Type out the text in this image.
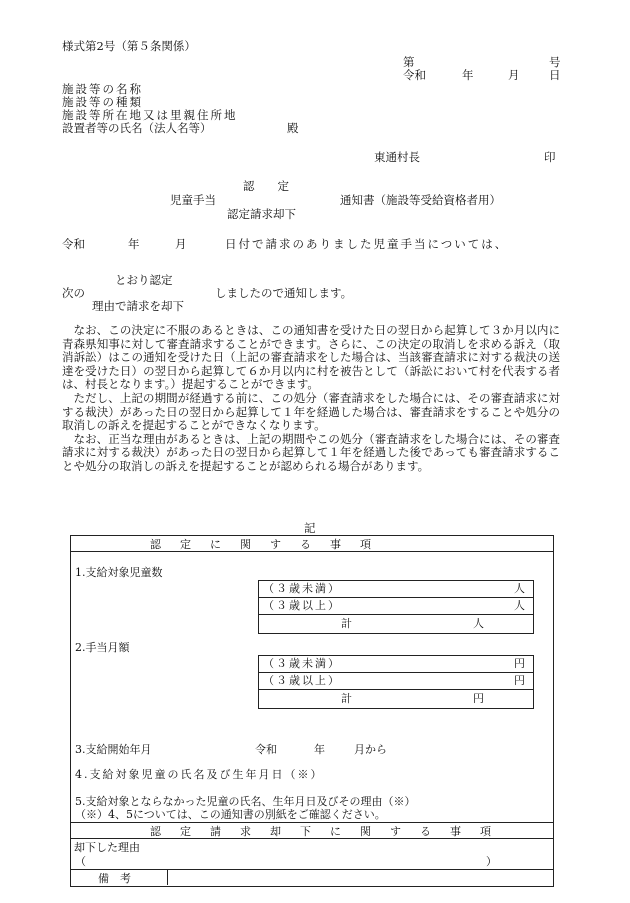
様式第2号（第５条関係）
第	号
令和	年	月	日
施設等の名称
施設等の種類
施設等所在地又は里親住所地
設置者等の氏名（法人名等）	殿
東通村長	印
認　　定
児童手当	通知書（施設等受給資格者用）
認定請求却下
令和	年	月	日付で請求のありました児童手当については、
とおり認定
次の	しましたので通知します。
理由で請求を却下

なお、この決定に不服のあるときは、この通知書を受けた日の翌日から起算して３か月以内に青森県知事に対して審査請求することができます。さらに、この決定の取消しを求める訴え（取消訴訟）はこの通知を受けた日（上記の審査請求をした場合は、当該審査請求に対する裁決の送達を受けた日）の翌日から起算して６か月以内に村を被告として（訴訟において村を代表する者は、村長となります。）提起することができます。

ただし、上記の期間が経過する前に、この処分（審査請求をした場合には、その審査請求に対する裁決）があった日の翌日から起算して１年を経過した場合は、審査請求をすることや処分の取消しの訴えを提起することができなくなります。

なお、正当な理由があるときは、上記の期間やこの処分（審査請求をした場合には、その審査請求に対する裁決）があった日の翌日から起算して１年を経過した後であっても審査請求することや処分の取消しの訴えを提起することが認められる場合があります。

記
認　定　に　関　す　る　事　項
1.支給対象児童数
（３歳未満）	人
（３歳以上）	人
計	人
2.手当月額
（３歳未満）	円
（３歳以上）	円
計	円
3.支給開始年月	令和	年	月から
4.支給対象児童の氏名及び生年月日（※）
5.支給対象とならなかった児童の氏名、生年月日及びその理由（※）
（※）4、5については、この通知書の別紙をご確認ください。
認　定　請　求　却　下　に　関　す　る　事　項
却下した理由
（	）
備　考
